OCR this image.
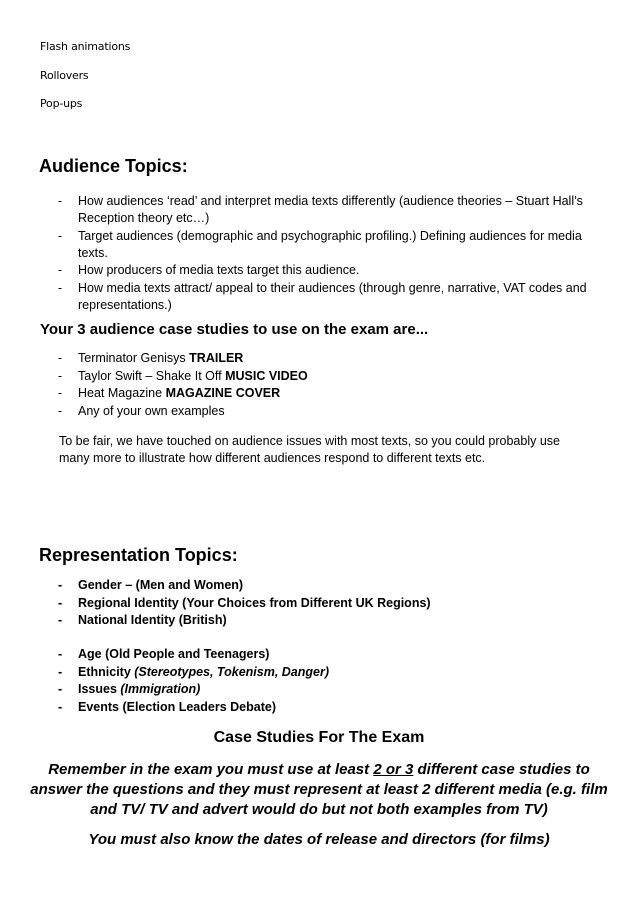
Flash animations
Rollovers
Pop-ups
Audience Topics:
- How audiences ‘read’ and interpret media texts differently (audience theories – Stuart Hall’s Reception theory etc…)
- Target audiences (demographic and psychographic profiling.) Defining audiences for media texts.
- How producers of media texts target this audience.
- How media texts attract/ appeal to their audiences (through genre, narrative, VAT codes and representations.)
Your 3 audience case studies to use on the exam are...
- Terminator Genisys TRAILER
- Taylor Swift – Shake It Off MUSIC VIDEO
- Heat Magazine MAGAZINE COVER
- Any of your own examples
To be fair, we have touched on audience issues with most texts, so you could probably use many more to illustrate how different audiences respond to different texts etc.
Representation Topics:
- Gender – (Men and Women)
- Regional Identity (Your Choices from Different UK Regions)
- National Identity (British)
- Age (Old People and Teenagers)
- Ethnicity (Stereotypes, Tokenism, Danger)
- Issues (Immigration)
- Events (Election Leaders Debate)
Case Studies For The Exam
Remember in the exam you must use at least 2 or 3 different case studies to answer the questions and they must represent at least 2 different media (e.g. film and TV/ TV and advert would do but not both examples from TV)
You must also know the dates of release and directors (for films)
